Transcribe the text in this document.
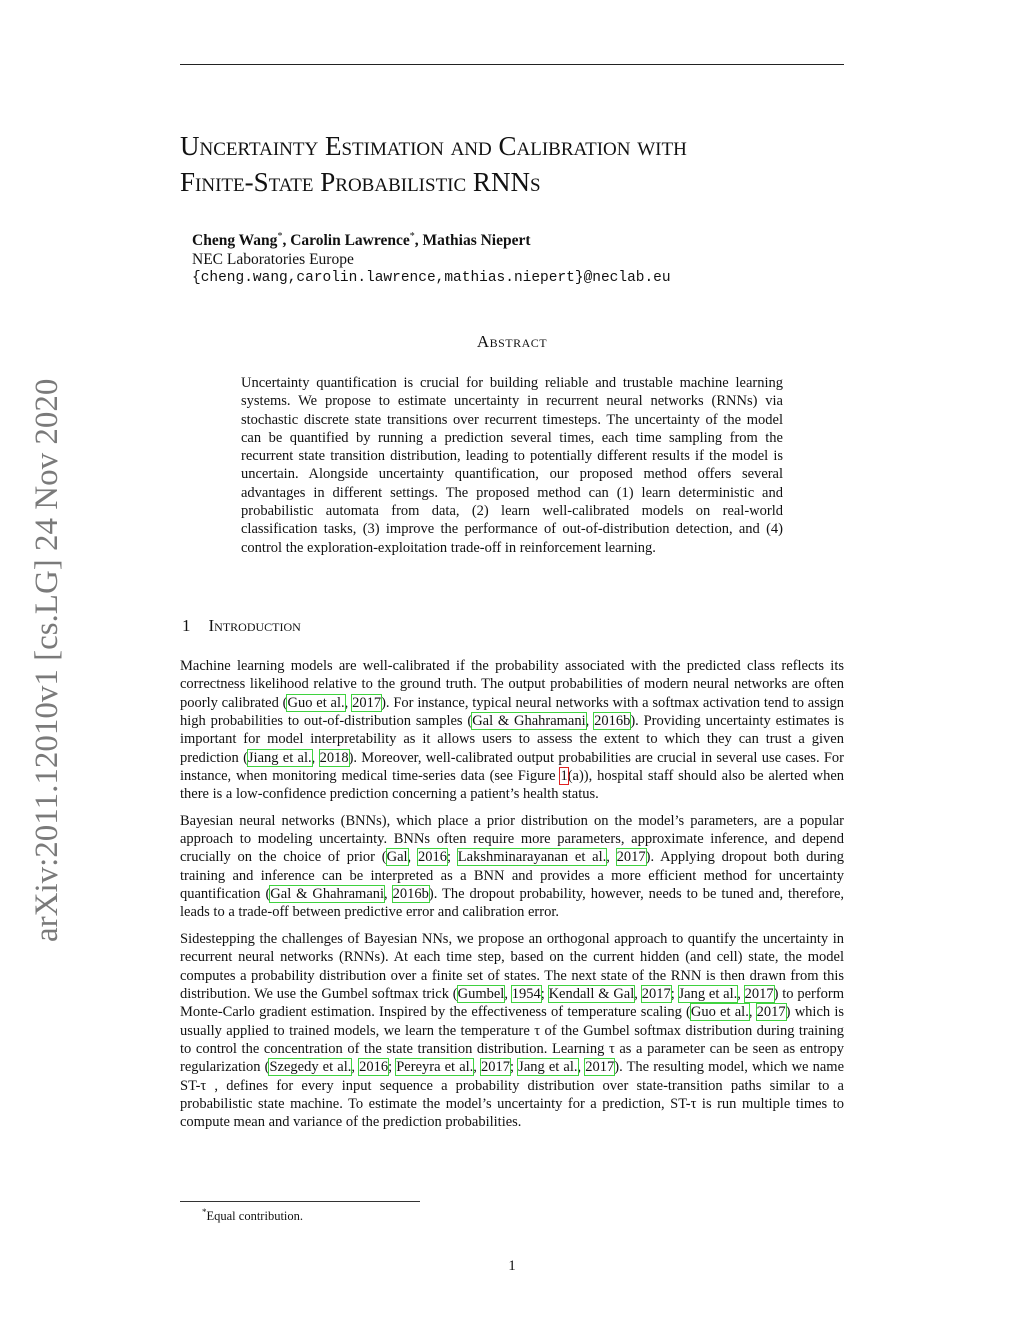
arXiv:2011.12010v1 [cs.LG] 24 Nov 2020
Uncertainty Estimation and Calibration with
Finite-State Probabilistic RNNs
Cheng Wang*, Carolin Lawrence*, Mathias Niepert
NEC Laboratories Europe
{cheng.wang,carolin.lawrence,mathias.niepert}@neclab.eu
Abstract
Uncertainty quantification is crucial for building reliable and trustable machine learning systems. We propose to estimate uncertainty in recurrent neural networks (RNNs) via stochastic discrete state transitions over recurrent timesteps. The uncertainty of the model can be quantified by running a prediction several times, each time sampling from the recurrent state transition distribution, leading to potentially different results if the model is uncertain. Alongside uncertainty quantification, our proposed method offers several advantages in different settings. The proposed method can (1) learn deterministic and probabilistic automata from data, (2) learn well-calibrated models on real-world classification tasks, (3) improve the performance of out-of-distribution detection, and (4) control the exploration-exploitation trade-off in reinforcement learning.
1 Introduction

Machine learning models are well-calibrated if the probability associated with the predicted class reflects its correctness likelihood relative to the ground truth. The output probabilities of modern neural networks are often poorly calibrated (Guo et al., 2017). For instance, typical neural networks with a softmax activation tend to assign high probabilities to out-of-distribution samples (Gal & Ghahramani, 2016b). Providing uncertainty estimates is important for model interpretability as it allows users to assess the extent to which they can trust a given prediction (Jiang et al., 2018). Moreover, well-calibrated output probabilities are crucial in several use cases. For instance, when monitoring medical time-series data (see Figure 1(a)), hospital staff should also be alerted when there is a low-confidence prediction concerning a patient’s health status.

Bayesian neural networks (BNNs), which place a prior distribution on the model’s parameters, are a popular approach to modeling uncertainty. BNNs often require more parameters, approximate inference, and depend crucially on the choice of prior (Gal, 2016; Lakshminarayanan et al., 2017). Applying dropout both during training and inference can be interpreted as a BNN and provides a more efficient method for uncertainty quantification (Gal & Ghahramani, 2016b). The dropout probability, however, needs to be tuned and, therefore, leads to a trade-off between predictive error and calibration error.

Sidestepping the challenges of Bayesian NNs, we propose an orthogonal approach to quantify the uncertainty in recurrent neural networks (RNNs). At each time step, based on the current hidden (and cell) state, the model computes a probability distribution over a finite set of states. The next state of the RNN is then drawn from this distribution. We use the Gumbel softmax trick (Gumbel, 1954; Kendall & Gal, 2017; Jang et al., 2017) to perform Monte-Carlo gradient estimation. Inspired by the effectiveness of temperature scaling (Guo et al., 2017) which is usually applied to trained models, we learn the temperature τ of the Gumbel softmax distribution during training to control the concentration of the state transition distribution. Learning τ as a parameter can be seen as entropy regularization (Szegedy et al., 2016; Pereyra et al., 2017; Jang et al., 2017). The resulting model, which we name ST-τ , defines for every input sequence a probability distribution over state-transition paths similar to a probabilistic state machine. To estimate the model’s uncertainty for a prediction, ST-τ is run multiple times to compute mean and variance of the prediction probabilities.

*Equal contribution.
1
